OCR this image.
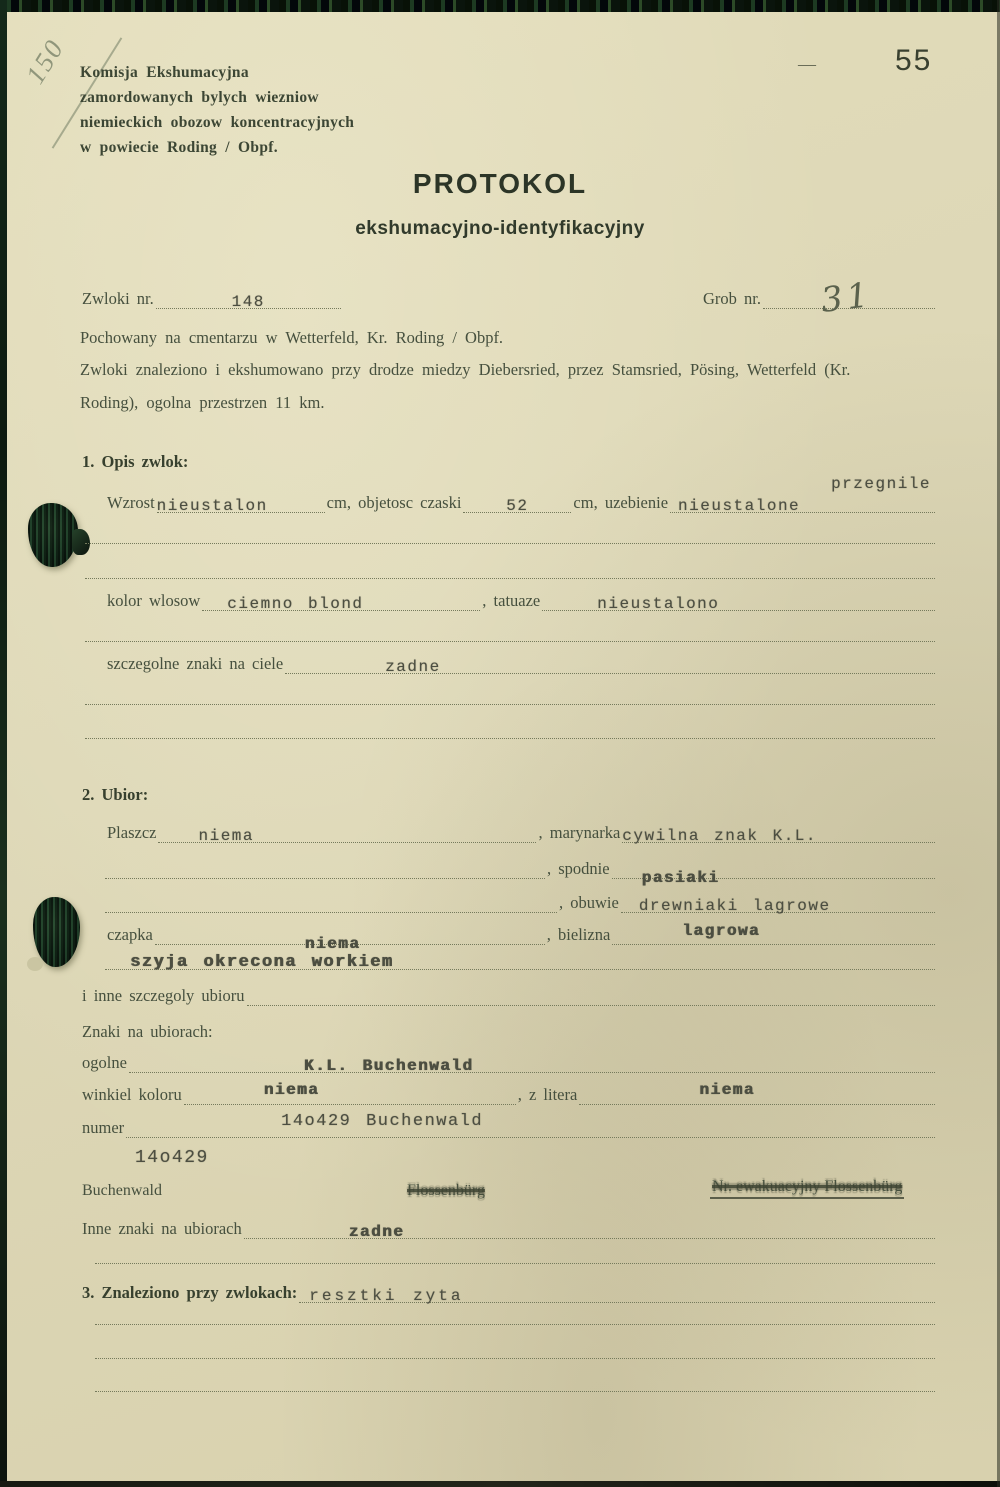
150 Komisja Ekshumacyjna
zamordowanych bylych wiezniow
niemieckich obozow koncentracyjnych
w powiecie Roding / Obpf.
—	55
PROTOKOL
ekshumacyjno-identyfikacyjny
Zwloki nr.	148	Grob nr. 31
Pochowany na cmentarzu w Wetterfeld, Kr. Roding / Obpf.
Zwloki znaleziono i ekshumowano przy drodze miedzy Diebersried, przez Stamsried, Pösing, Wetterfeld (Kr.
Roding), ogolna przestrzen 11 km.
1. Opis zwlok:
Wzrost nieustalon	cm, objetosc czaski	52	cm, uzebienie nieustalone
przegnile
kolor wlosow	ciemno blond	, tatuaze	nieustalono
szczegolne znaki na ciele	zadne
2. Ubior:
Plaszcz	niema	, marynarka cywilna znak K.L.
, spodnie	pasiaki
, obuwie	drewniaki lagrowe
czapka	niema	, bielizna	lagrowa
szyja okrecona workiem
i inne szczegoly ubioru
Znaki na ubiorach:
ogolne	K.L. Buchenwald
winkiel koloru	niema	, z litera	niema
numer	14o429 Buchenwald
14o429
Buchenwald	Flossenbürg	Nr. ewakuacyjny Flossenbürg
Inne znaki na ubiorach	zadne
3. Znaleziono przy zwlokach: resztki zyta
